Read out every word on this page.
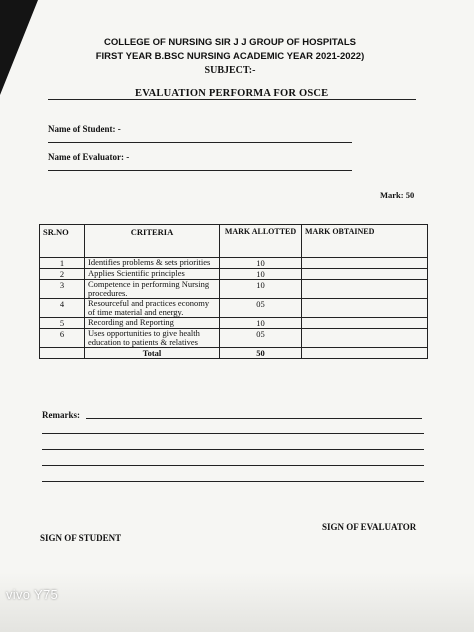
COLLEGE OF NURSING SIR J J GROUP OF HOSPITALS
FIRST YEAR B.BSC NURSING ACADEMIC YEAR 2021-2022)
SUBJECT:-
EVALUATION PERFORMA FOR OSCE
Name of Student: -
Name of Evaluator: -
Mark: 50
SR.NO	CRITERIA	MARK ALLOTTED	MARK OBTAINED
1	Identifies problems & sets priorities	10	
2	Applies Scientific principles	10	
3	Competence in performing Nursing procedures.	10	
4	Resourceful and practices economy of time material and energy.	05	
5	Recording and Reporting	10	
6	Uses opportunities to give health education to patients & relatives	05	
	Total	50	
Remarks:
SIGN OF STUDENT
SIGN OF EVALUATOR
vivo Y75
